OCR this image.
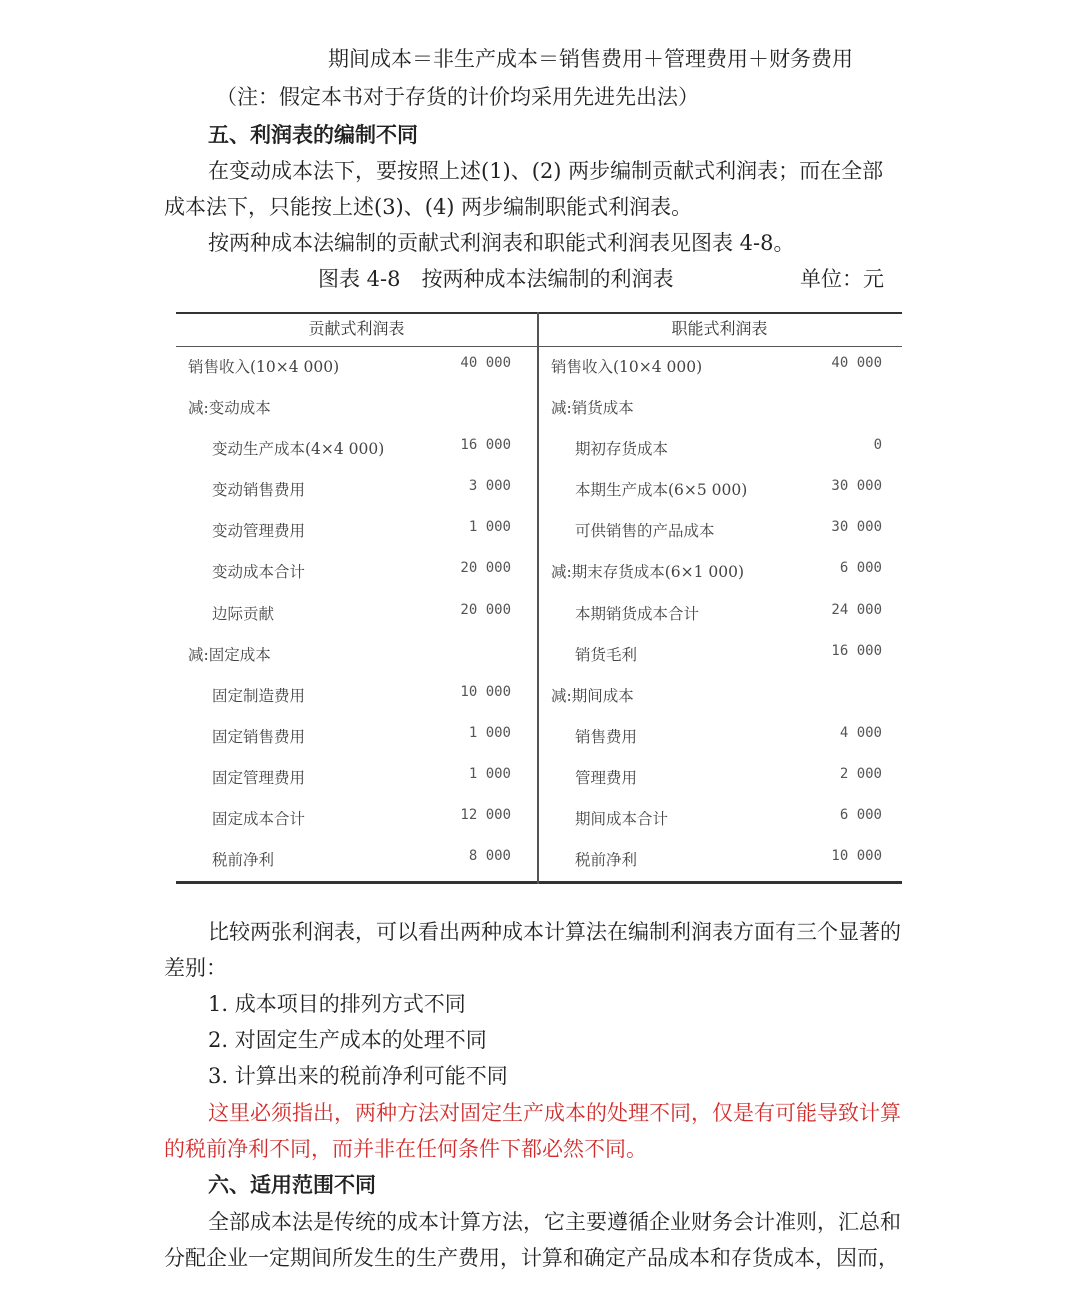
期间成本＝非生产成本＝销售费用＋管理费用＋财务费用
（注：假定本书对于存货的计价均采用先进先出法）
五、利润表的编制不同
在变动成本法下，要按照上述(1)、(2) 两步编制贡献式利润表；而在全部
成本法下，只能按上述(3)、(4) 两步编制职能式利润表。
按两种成本法编制的贡献式利润表和职能式利润表见图表 4-8。
图表 4-8　按两种成本法编制的利润表	单位：元
贡献式利润表
销售收入(10×4 000)	40 000
减:变动成本
变动生产成本(4×4 000)	16 000
变动销售费用	3 000
变动管理费用	1 000
变动成本合计	20 000
边际贡献	20 000
减:固定成本
固定制造费用	10 000
固定销售费用	1 000
固定管理费用	1 000
固定成本合计	12 000
税前净利	8 000
职能式利润表
销售收入(10×4 000)	40 000
减:销货成本
期初存货成本	0
本期生产成本(6×5 000)	30 000
可供销售的产品成本	30 000
减:期末存货成本(6×1 000)	6 000
本期销货成本合计	24 000
销货毛利	16 000
减:期间成本
销售费用	4 000
管理费用	2 000
期间成本合计	6 000
税前净利	10 000
比较两张利润表，可以看出两种成本计算法在编制利润表方面有三个显著的
差别：
1. 成本项目的排列方式不同
2. 对固定生产成本的处理不同
3. 计算出来的税前净利可能不同
这里必须指出，两种方法对固定生产成本的处理不同，仅是有可能导致计算
的税前净利不同，而并非在任何条件下都必然不同。
六、适用范围不同
全部成本法是传统的成本计算方法，它主要遵循企业财务会计准则，汇总和
分配企业一定期间所发生的生产费用，计算和确定产品成本和存货成本，因而，
